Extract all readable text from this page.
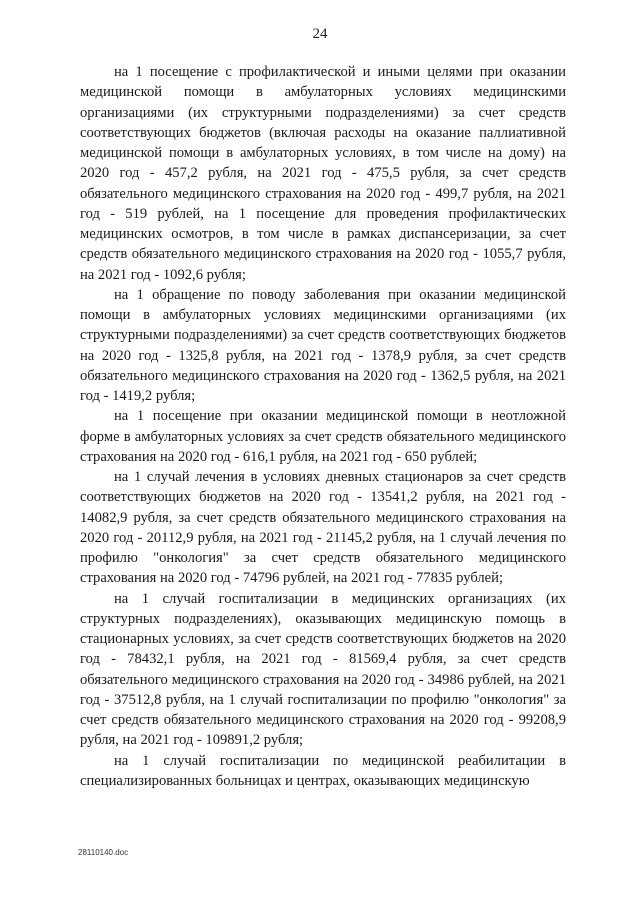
24

на 1 посещение с профилактической и иными целями при оказании медицинской помощи в амбулаторных условиях медицинскими организациями (их структурными подразделениями) за счет средств соответствующих бюджетов (включая расходы на оказание паллиативной медицинской помощи в амбулаторных условиях, в том числе на дому) на 2020 год - 457,2 рубля, на 2021 год - 475,5 рубля, за счет средств обязательного медицинского страхования на 2020 год - 499,7 рубля, на 2021 год - 519 рублей, на 1 посещение для проведения профилактических медицинских осмотров, в том числе в рамках диспансеризации, за счет средств обязательного медицинского страхования на 2020 год - 1055,7 рубля, на 2021 год - 1092,6 рубля;

на 1 обращение по поводу заболевания при оказании медицинской помощи в амбулаторных условиях медицинскими организациями (их структурными подразделениями) за счет средств соответствующих бюджетов на 2020 год - 1325,8 рубля, на 2021 год - 1378,9 рубля, за счет средств обязательного медицинского страхования на 2020 год - 1362,5 рубля, на 2021 год - 1419,2 рубля;

на 1 посещение при оказании медицинской помощи в неотложной форме в амбулаторных условиях за счет средств обязательного медицинского страхования на 2020 год - 616,1 рубля, на 2021 год - 650 рублей;

на 1 случай лечения в условиях дневных стационаров за счет средств соответствующих бюджетов на 2020 год - 13541,2 рубля, на 2021 год - 14082,9 рубля, за счет средств обязательного медицинского страхования на 2020 год - 20112,9 рубля, на 2021 год - 21145,2 рубля, на 1 случай лечения по профилю "онкология" за счет средств обязательного медицинского страхования на 2020 год - 74796 рублей, на 2021 год - 77835 рублей;

на 1 случай госпитализации в медицинских организациях (их структурных подразделениях), оказывающих медицинскую помощь в стационарных условиях, за счет средств соответствующих бюджетов на 2020 год - 78432,1 рубля, на 2021 год - 81569,4 рубля, за счет средств обязательного медицинского страхования на 2020 год - 34986 рублей, на 2021 год - 37512,8 рубля, на 1 случай госпитализации по профилю "онкология" за счет средств обязательного медицинского страхования на 2020 год - 99208,9 рубля, на 2021 год - 109891,2 рубля;

на 1 случай госпитализации по медицинской реабилитации в специализированных больницах и центрах, оказывающих медицинскую

28110140.doc
